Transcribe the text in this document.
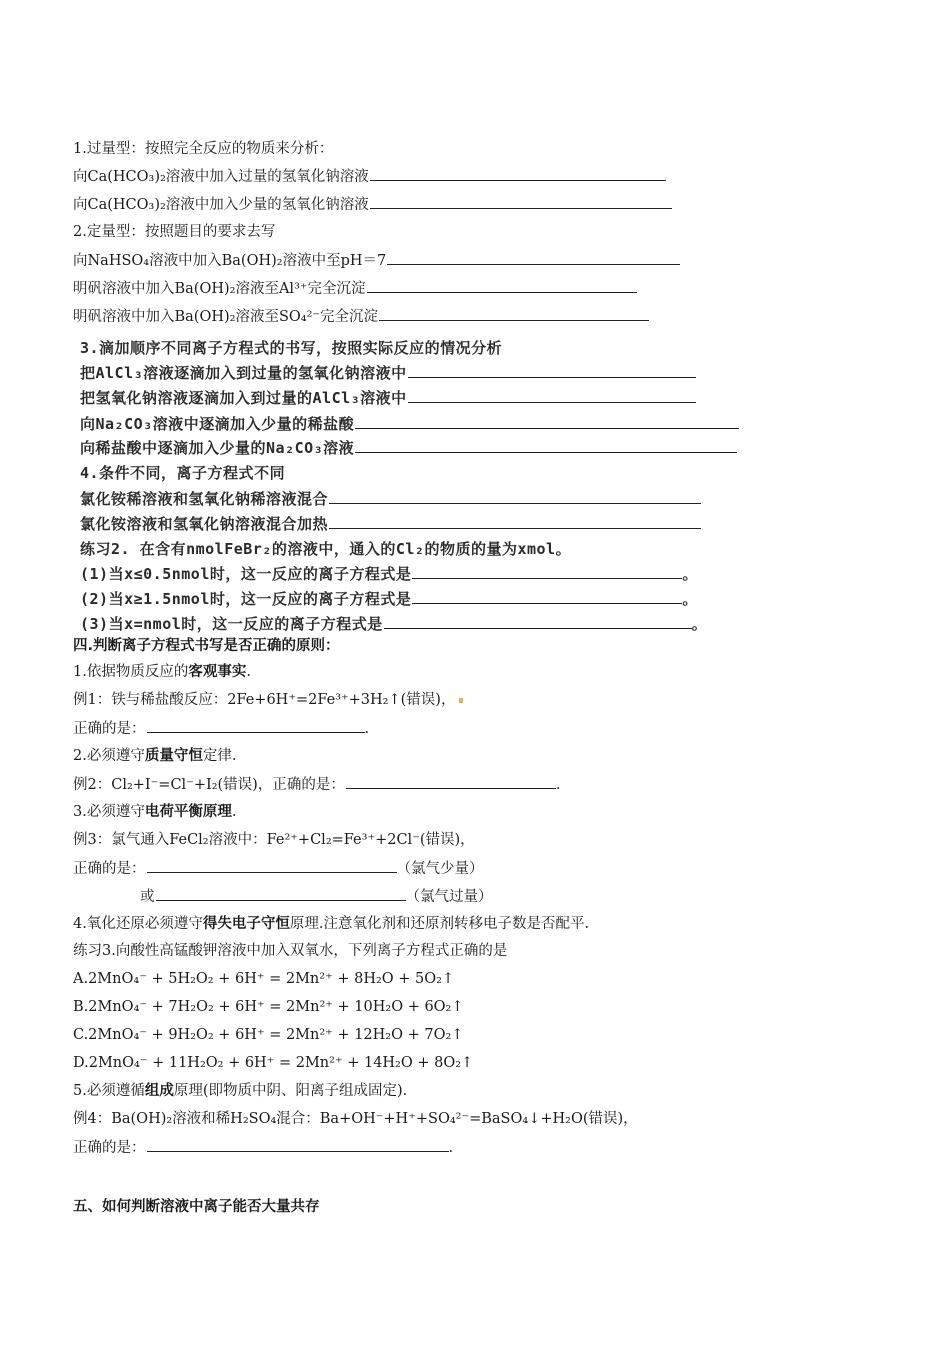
1.过量型：按照完全反应的物质来分析：
向Ca(HCO₃)₂溶液中加入过量的氢氧化钠溶液
向Ca(HCO₃)₂溶液中加入少量的氢氧化钠溶液
2.定量型：按照题目的要求去写
向NaHSO₄溶液中加入Ba(OH)₂溶液中至pH＝7
明矾溶液中加入Ba(OH)₂溶液至Al³⁺完全沉淀
明矾溶液中加入Ba(OH)₂溶液至SO₄²⁻完全沉淀
3.滴加顺序不同离子方程式的书写，按照实际反应的情况分析
把AlCl₃溶液逐滴加入到过量的氢氧化钠溶液中
把氢氧化钠溶液逐滴加入到过量的AlCl₃溶液中
向Na₂CO₃溶液中逐滴加入少量的稀盐酸
向稀盐酸中逐滴加入少量的Na₂CO₃溶液
4.条件不同，离子方程式不同
氯化铵稀溶液和氢氧化钠稀溶液混合
氯化铵溶液和氢氧化钠溶液混合加热
练习2. 在含有nmolFeBr₂的溶液中，通入的Cl₂的物质的量为xmol。
(1)当x≤0.5nmol时，这一反应的离子方程式是	。
(2)当x≥1.5nmol时，这一反应的离子方程式是	。
(3)当x=nmol时，这一反应的离子方程式是	。
四.判断离子方程式书写是否正确的原则：
1.依据物质反应的客观事实.
例1：铁与稀盐酸反应：2Fe+6H⁺=2Fe³⁺+3H₂↑(错误)，
正确的是：	.
2.必须遵守质量守恒定律.
例2：Cl₂+I⁻=Cl⁻+I₂(错误)，正确的是：	.
3.必须遵守电荷平衡原理.
例3：氯气通入FeCl₂溶液中：Fe²⁺+Cl₂=Fe³⁺+2Cl⁻(错误)，
正确的是：	（氯气少量）
或	（氯气过量）
4.氧化还原必须遵守得失电子守恒原理.注意氧化剂和还原剂转移电子数是否配平.
练习3.向酸性高锰酸钾溶液中加入双氧水，下列离子方程式正确的是
A.2MnO₄⁻ + 5H₂O₂ + 6H⁺ = 2Mn²⁺ + 8H₂O + 5O₂↑
B.2MnO₄⁻ + 7H₂O₂ + 6H⁺ = 2Mn²⁺ + 10H₂O + 6O₂↑
C.2MnO₄⁻ + 9H₂O₂ + 6H⁺ = 2Mn²⁺ + 12H₂O + 7O₂↑
D.2MnO₄⁻ + 11H₂O₂ + 6H⁺ = 2Mn²⁺ + 14H₂O + 8O₂↑
5.必须遵循组成原理(即物质中阴、阳离子组成固定).
例4：Ba(OH)₂溶液和稀H₂SO₄混合：Ba+OH⁻+H⁺+SO₄²⁻=BaSO₄↓+H₂O(错误)，
正确的是：	.
五、如何判断溶液中离子能否大量共存
